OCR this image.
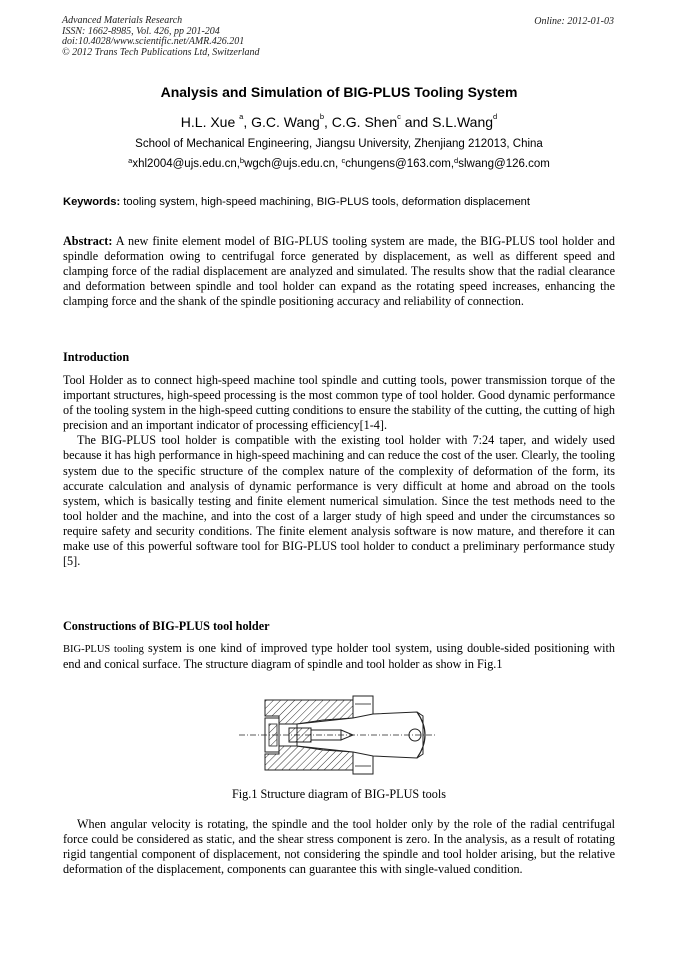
Advanced Materials Research
ISSN: 1662-8985, Vol. 426, pp 201-204
doi:10.4028/www.scientific.net/AMR.426.201
© 2012 Trans Tech Publications Ltd, Switzerland
Online: 2012-01-03
Analysis and Simulation of BIG-PLUS Tooling System
H.L. Xue $^a$, G.C. Wang$^b$, C.G. Shen$^c$ and S.L.Wang$^d$
School of Mechanical Engineering, Jiangsu University, Zhenjiang 212013, China
$^a$xhl2004@ujs.edu.cn,$^b$wgch@ujs.edu.cn, $^c$chungens@163.com,$^d$slwang@126.com
Keywords: tooling system, high-speed machining, BIG-PLUS tools, deformation displacement
Abstract: A new finite element model of BIG-PLUS tooling system are made, the BIG-PLUS tool holder and spindle deformation owing to centrifugal force generated by displacement, as well as different speed and clamping force of the radial displacement are analyzed and simulated. The results show that the radial clearance and deformation between spindle and tool holder can expand as the rotating speed increases, enhancing the clamping force and the shank of the spindle positioning accuracy and reliability of connection.
Introduction
Tool Holder as to connect high-speed machine tool spindle and cutting tools, power transmission torque of the important structures, high-speed processing is the most common type of tool holder. Good dynamic performance of the tooling system in the high-speed cutting conditions to ensure the stability of the cutting, the cutting of high precision and an important indicator of processing efficiency[1-4].
The BIG-PLUS tool holder is compatible with the existing tool holder with 7:24 taper, and widely used because it has high performance in high-speed machining and can reduce the cost of the user. Clearly, the tooling system due to the specific structure of the complex nature of the complexity of deformation of the form, its accurate calculation and analysis of dynamic performance is very difficult at home and abroad on the tools system, which is basically testing and finite element numerical simulation. Since the test methods need to the tool holder and the machine, and into the cost of a larger study of high speed and under the circumstances so require safety and security conditions. The finite element analysis software is now mature, and therefore it can make use of this powerful software tool for BIG-PLUS tool holder to conduct a preliminary performance study [5].
Constructions of BIG-PLUS tool holder
BIG-PLUS tooling system is one kind of improved type holder tool system, using double-sided positioning with end and conical surface. The structure diagram of spindle and tool holder as show in Fig.1
Fig.1 Structure diagram of BIG-PLUS tools
When angular velocity is rotating, the spindle and the tool holder only by the role of the radial centrifugal force could be considered as static, and the shear stress component is zero. In the analysis, as a result of rotating rigid tangential component of displacement, not considering the spindle and tool holder arising, but the relative deformation of the displacement, components can guarantee this with single-valued condition.
